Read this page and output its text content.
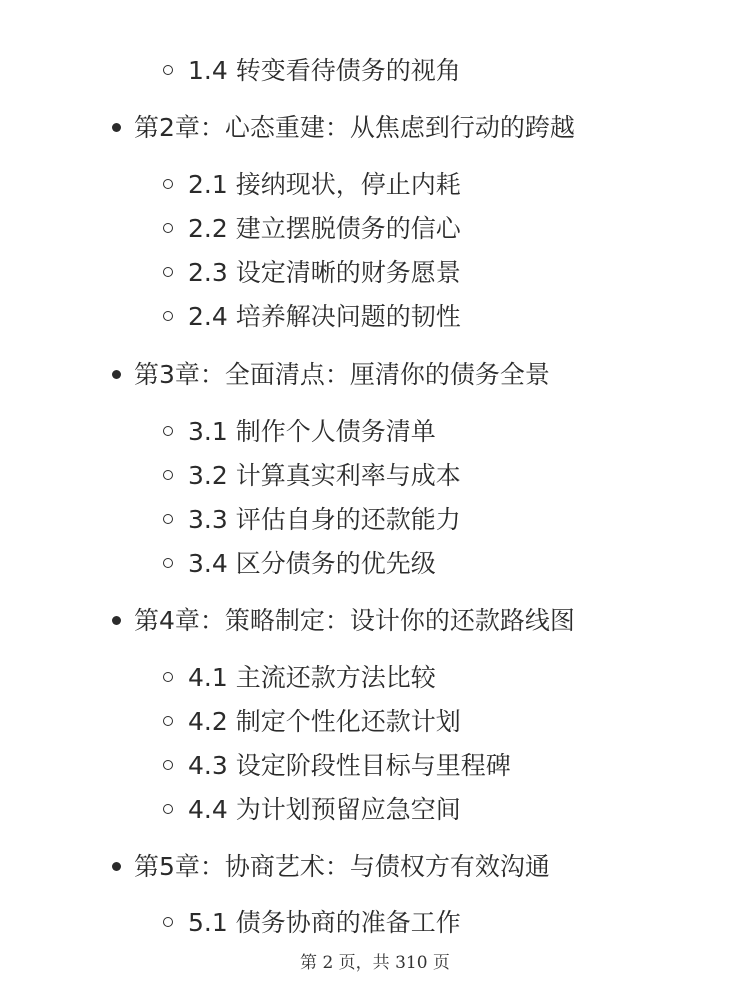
1.4 转变看待债务的视角
第2章：心态重建：从焦虑到行动的跨越
2.1 接纳现状，停止内耗
2.2 建立摆脱债务的信心
2.3 设定清晰的财务愿景
2.4 培养解决问题的韧性
第3章：全面清点：厘清你的债务全景
3.1 制作个人债务清单
3.2 计算真实利率与成本
3.3 评估自身的还款能力
3.4 区分债务的优先级
第4章：策略制定：设计你的还款路线图
4.1 主流还款方法比较
4.2 制定个性化还款计划
4.3 设定阶段性目标与里程碑
4.4 为计划预留应急空间
第5章：协商艺术：与债权方有效沟通
5.1 债务协商的准备工作
第 2 页，共 310 页
